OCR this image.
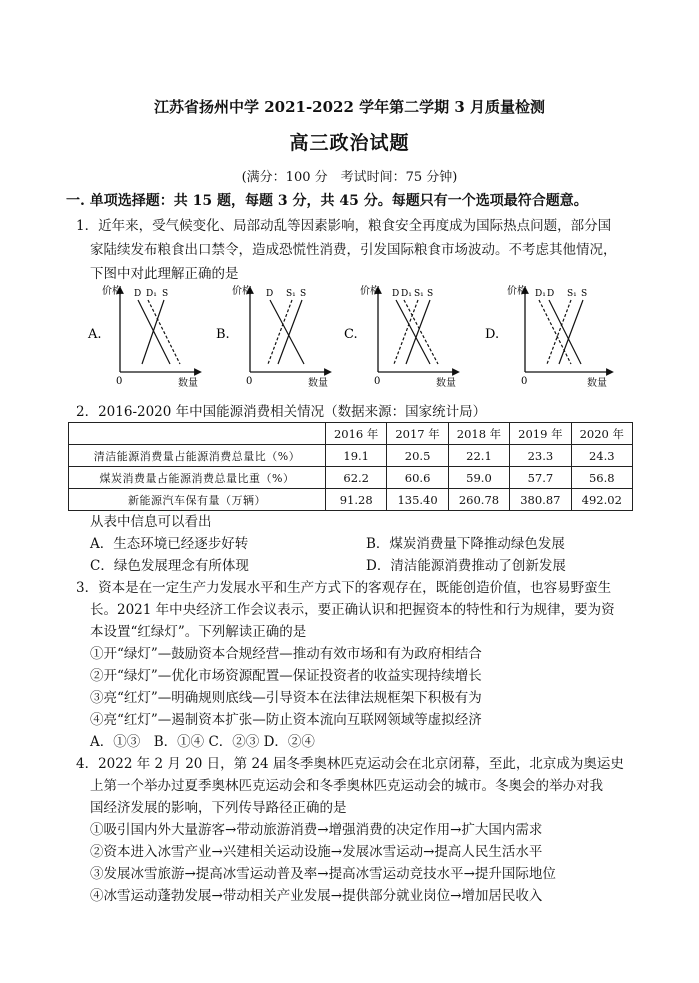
江苏省扬州中学 2021-2022 学年第二学期 3 月质量检测
高三政治试题
(满分：100 分　考试时间：75 分钟)
一. 单项选择题：共 15 题，每题 3 分，共 45 分。每题只有一个选项最符合题意。
1．近年来，受气候变化、局部动乱等因素影响，粮食安全再度成为国际热点问题，部分国
家陆续发布粮食出口禁令，造成恐慌性消费，引发国际粮食市场波动。不考虑其他情况，
下图中对此理解正确的是
A.
价格
0	数量
D D₁ S
B.
价格
0	数量
D S₁ S
C.
价格
0	数量
D D₁ S₁ S
D.
价格
0	数量
D₁ D S₁ S
2．2016-2020 年中国能源消费相关情况（数据来源：国家统计局）
	2016 年	2017 年	2018 年	2019 年	2020 年
清洁能源消费量占能源消费总量比（%）	19.1	20.5	22.1	23.3	24.3
煤炭消费量占能源消费总量比重（%）	62.2	60.6	59.0	57.7	56.8
新能源汽车保有量（万辆）	91.28	135.40	260.78	380.87	492.02
从表中信息可以看出
A．生态环境已经逐步好转	B．煤炭消费量下降推动绿色发展
C．绿色发展理念有所体现	D．清洁能源消费推动了创新发展
3．资本是在一定生产力发展水平和生产方式下的客观存在，既能创造价值，也容易野蛮生
长。2021 年中央经济工作会议表示，要正确认识和把握资本的特性和行为规律，要为资
本设置“红绿灯”。下列解读正确的是
①开“绿灯”—鼓励资本合规经营—推动有效市场和有为政府相结合
②开“绿灯”—优化市场资源配置—保证投资者的收益实现持续增长
③亮“红灯”—明确规则底线—引导资本在法律法规框架下积极有为
④亮“红灯”—遏制资本扩张—防止资本流向互联网领域等虚拟经济
A．①③　B．①④ C．②③ D．②④
4．2022 年 2 月 20 日，第 24 届冬季奥林匹克运动会在北京闭幕，至此，北京成为奥运史
上第一个举办过夏季奥林匹克运动会和冬季奥林匹克运动会的城市。冬奥会的举办对我
国经济发展的影响，下列传导路径正确的是
①吸引国内外大量游客→带动旅游消费→增强消费的决定作用→扩大国内需求
②资本进入冰雪产业→兴建相关运动设施→发展冰雪运动→提高人民生活水平
③发展冰雪旅游→提高冰雪运动普及率→提高冰雪运动竞技水平→提升国际地位
④冰雪运动蓬勃发展→带动相关产业发展→提供部分就业岗位→增加居民收入
